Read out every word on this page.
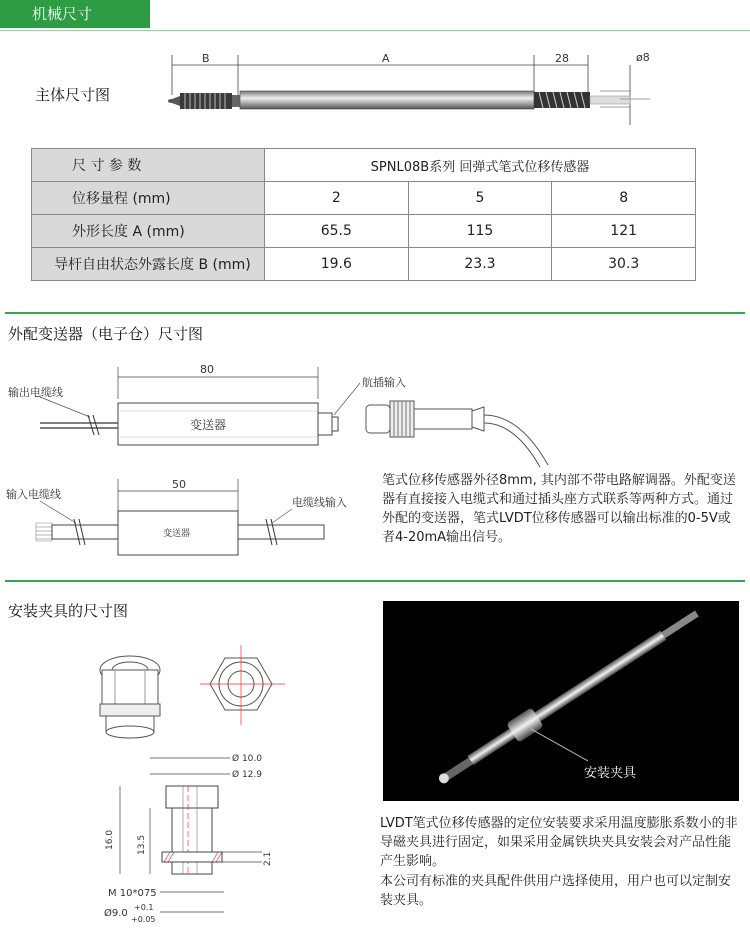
机械尺寸
主体尺寸图
B	A	28	ø8
尺 寸 参 数	SPNL08B系列 回弹式笔式位移传感器		
位移量程 (mm)	2	5	8
外形长度 A (mm)	65.5	115	121
导杆自由状态外露长度 B (mm)	19.6	23.3	30.3
外配变送器（电子仓）尺寸图
80
输出电缆线
变送器
航插输入
50
输入电缆线
变送器
电缆线输入
笔式位移传感器外径8mm, 其内部不带电路解调器。外配变送器有直接接入电缆式和通过插头座方式联系等两种方式。通过外配的变送器，笔式LVDT位移传感器可以输出标准的0-5V或者4-20mA输出信号。
安装夹具的尺寸图
Ø 10.0
Ø 12.9
16.0 13.5
2.1
M 10*075
Ø9.0
+0.1
+0.05
安装夹具
LVDT笔式位移传感器的定位安装要求采用温度膨胀系数小的非导磁夹具进行固定，如果采用金属铁块夹具安装会对产品性能产生影响。
本公司有标准的夹具配件供用户选择使用，用户也可以定制安装夹具。
